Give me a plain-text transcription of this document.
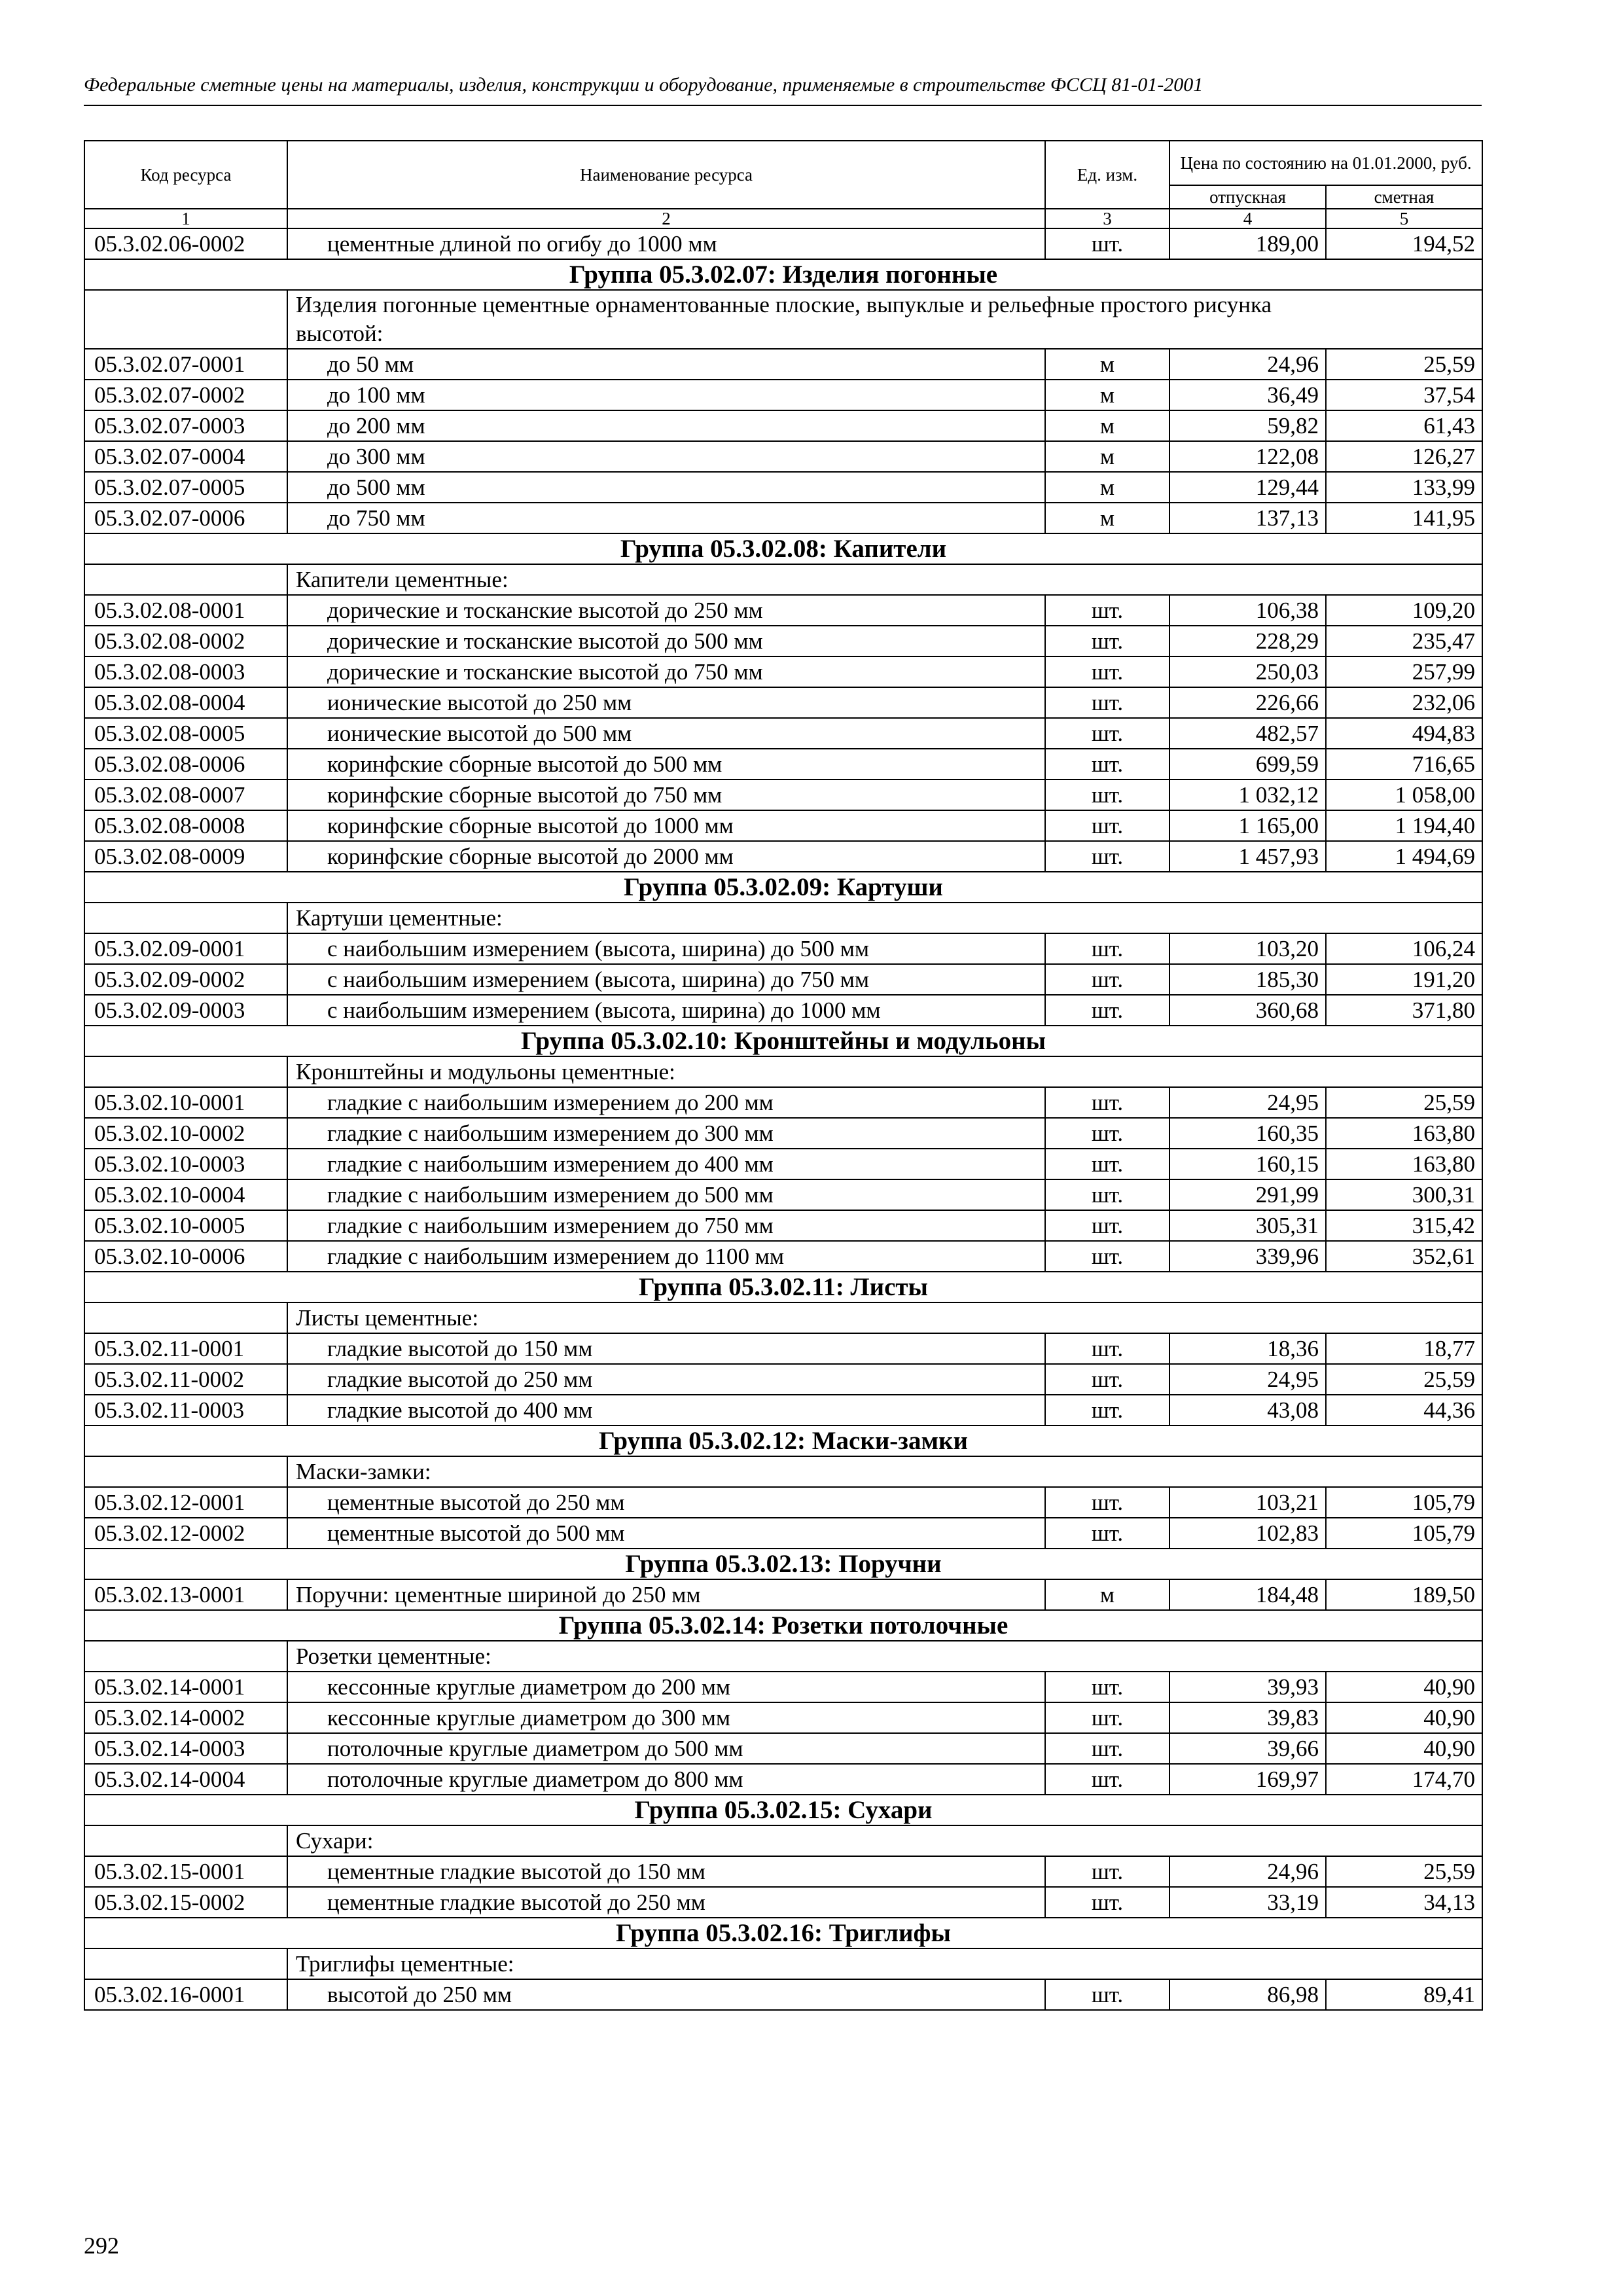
Федеральные сметные цены на материалы, изделия, конструкции и оборудование, применяемые в строительстве ФССЦ 81-01-2001
Код ресурса	Наименование ресурса	Ед. изм.	Цена по состоянию на 01.01.2000, руб.	
			отпускная	сметная
1	2	3	4	5
05.3.02.06-0002	цементные длиной по огибу до 1000 мм	шт.	189,00	194,52
Группа 05.3.02.07: Изделия погонные				

	Изделия погонные цементные орнаментованные плоские, выпуклые и рельефные простого рисунка
высотой:			

05.3.02.07-0001	до 50 мм	м	24,96	25,59
05.3.02.07-0002	до 100 мм	м	36,49	37,54
05.3.02.07-0003	до 200 мм	м	59,82	61,43
05.3.02.07-0004	до 300 мм	м	122,08	126,27
05.3.02.07-0005	до 500 мм	м	129,44	133,99
05.3.02.07-0006	до 750 мм	м	137,13	141,95
Группа 05.3.02.08: Капители				

	Капители цементные:			

05.3.02.08-0001	дорические и тосканские высотой до 250 мм	шт.	106,38	109,20
05.3.02.08-0002	дорические и тосканские высотой до 500 мм	шт.	228,29	235,47
05.3.02.08-0003	дорические и тосканские высотой до 750 мм	шт.	250,03	257,99
05.3.02.08-0004	ионические высотой до 250 мм	шт.	226,66	232,06
05.3.02.08-0005	ионические высотой до 500 мм	шт.	482,57	494,83
05.3.02.08-0006	коринфские сборные высотой до 500 мм	шт.	699,59	716,65
05.3.02.08-0007	коринфские сборные высотой до 750 мм	шт.	1 032,12	1 058,00
05.3.02.08-0008	коринфские сборные высотой до 1000 мм	шт.	1 165,00	1 194,40
05.3.02.08-0009	коринфские сборные высотой до 2000 мм	шт.	1 457,93	1 494,69
Группа 05.3.02.09: Картуши				

	Картуши цементные:			

05.3.02.09-0001	с наибольшим измерением (высота, ширина) до 500 мм	шт.	103,20	106,24
05.3.02.09-0002	с наибольшим измерением (высота, ширина) до 750 мм	шт.	185,30	191,20
05.3.02.09-0003	с наибольшим измерением (высота, ширина) до 1000 мм	шт.	360,68	371,80
Группа 05.3.02.10: Кронштейны и модульоны				

	Кронштейны и модульоны цементные:			

05.3.02.10-0001	гладкие с наибольшим измерением до 200 мм	шт.	24,95	25,59
05.3.02.10-0002	гладкие с наибольшим измерением до 300 мм	шт.	160,35	163,80
05.3.02.10-0003	гладкие с наибольшим измерением до 400 мм	шт.	160,15	163,80
05.3.02.10-0004	гладкие с наибольшим измерением до 500 мм	шт.	291,99	300,31
05.3.02.10-0005	гладкие с наибольшим измерением до 750 мм	шт.	305,31	315,42
05.3.02.10-0006	гладкие с наибольшим измерением до 1100 мм	шт.	339,96	352,61
Группа 05.3.02.11: Листы				

	Листы цементные:			

05.3.02.11-0001	гладкие высотой до 150 мм	шт.	18,36	18,77
05.3.02.11-0002	гладкие высотой до 250 мм	шт.	24,95	25,59
05.3.02.11-0003	гладкие высотой до 400 мм	шт.	43,08	44,36
Группа 05.3.02.12: Маски-замки				

	Маски-замки:			

05.3.02.12-0001	цементные высотой до 250 мм	шт.	103,21	105,79
05.3.02.12-0002	цементные высотой до 500 мм	шт.	102,83	105,79
Группа 05.3.02.13: Поручни				
05.3.02.13-0001	Поручни: цементные шириной до 250 мм	м	184,48	189,50
Группа 05.3.02.14: Розетки потолочные				

	Розетки цементные:			

05.3.02.14-0001	кессонные круглые диаметром до 200 мм	шт.	39,93	40,90
05.3.02.14-0002	кессонные круглые диаметром до 300 мм	шт.	39,83	40,90
05.3.02.14-0003	потолочные круглые диаметром до 500 мм	шт.	39,66	40,90
05.3.02.14-0004	потолочные круглые диаметром до 800 мм	шт.	169,97	174,70
Группа 05.3.02.15: Сухари				

	Сухари:			

05.3.02.15-0001	цементные гладкие высотой до 150 мм	шт.	24,96	25,59
05.3.02.15-0002	цементные гладкие высотой до 250 мм	шт.	33,19	34,13
Группа 05.3.02.16: Триглифы				

	Триглифы цементные:			

05.3.02.16-0001	высотой до 250 мм	шт.	86,98	89,41
292
